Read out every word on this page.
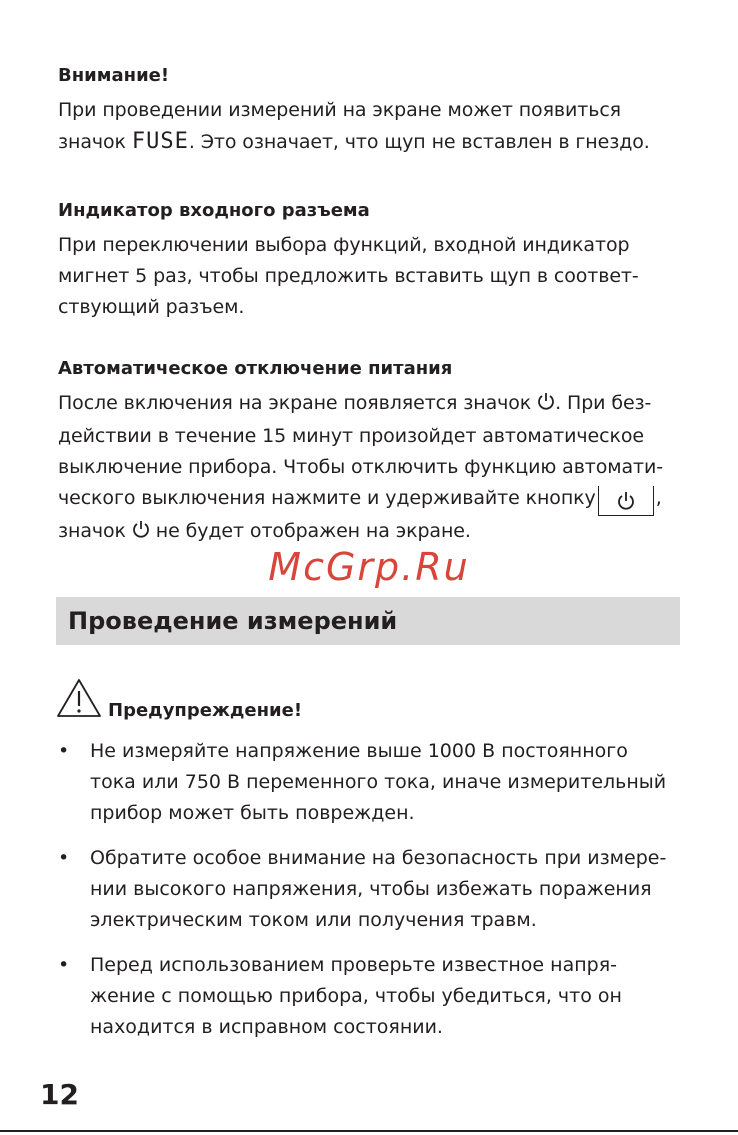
Внимание!

При проведении измерений на экране может появиться

значок FUSE. Это означает, что щуп не вставлен в гнездо.

Индикатор входного разъема

При переключении выбора функций, входной индикатор

мигнет 5 раз, чтобы предложить вставить щуп в соответ-

ствующий разъем.

Автоматическое отключение питания

После включения на экране появляется значок . При без-

действии в течение 15 минут произойдет автоматическое

выключение прибора. Чтобы отключить функцию автомати-

ческого выключения нажмите и удерживайте кнопку	,

значок  не будет отображен на экране.

McGrp.Ru

Проведение измерений

Предупреждение!
• Не измеряйте напряжение выше 1000 В постоянного
тока или 750 В переменного тока, иначе измерительный
прибор может быть поврежден.
• Обратите особое внимание на безопасность при измере-
нии высокого напряжения, чтобы избежать поражения
электрическим током или получения травм.
• Перед использованием проверьте известное напря-
жение с помощью прибора, чтобы убедиться, что он
находится в исправном состоянии.
12
